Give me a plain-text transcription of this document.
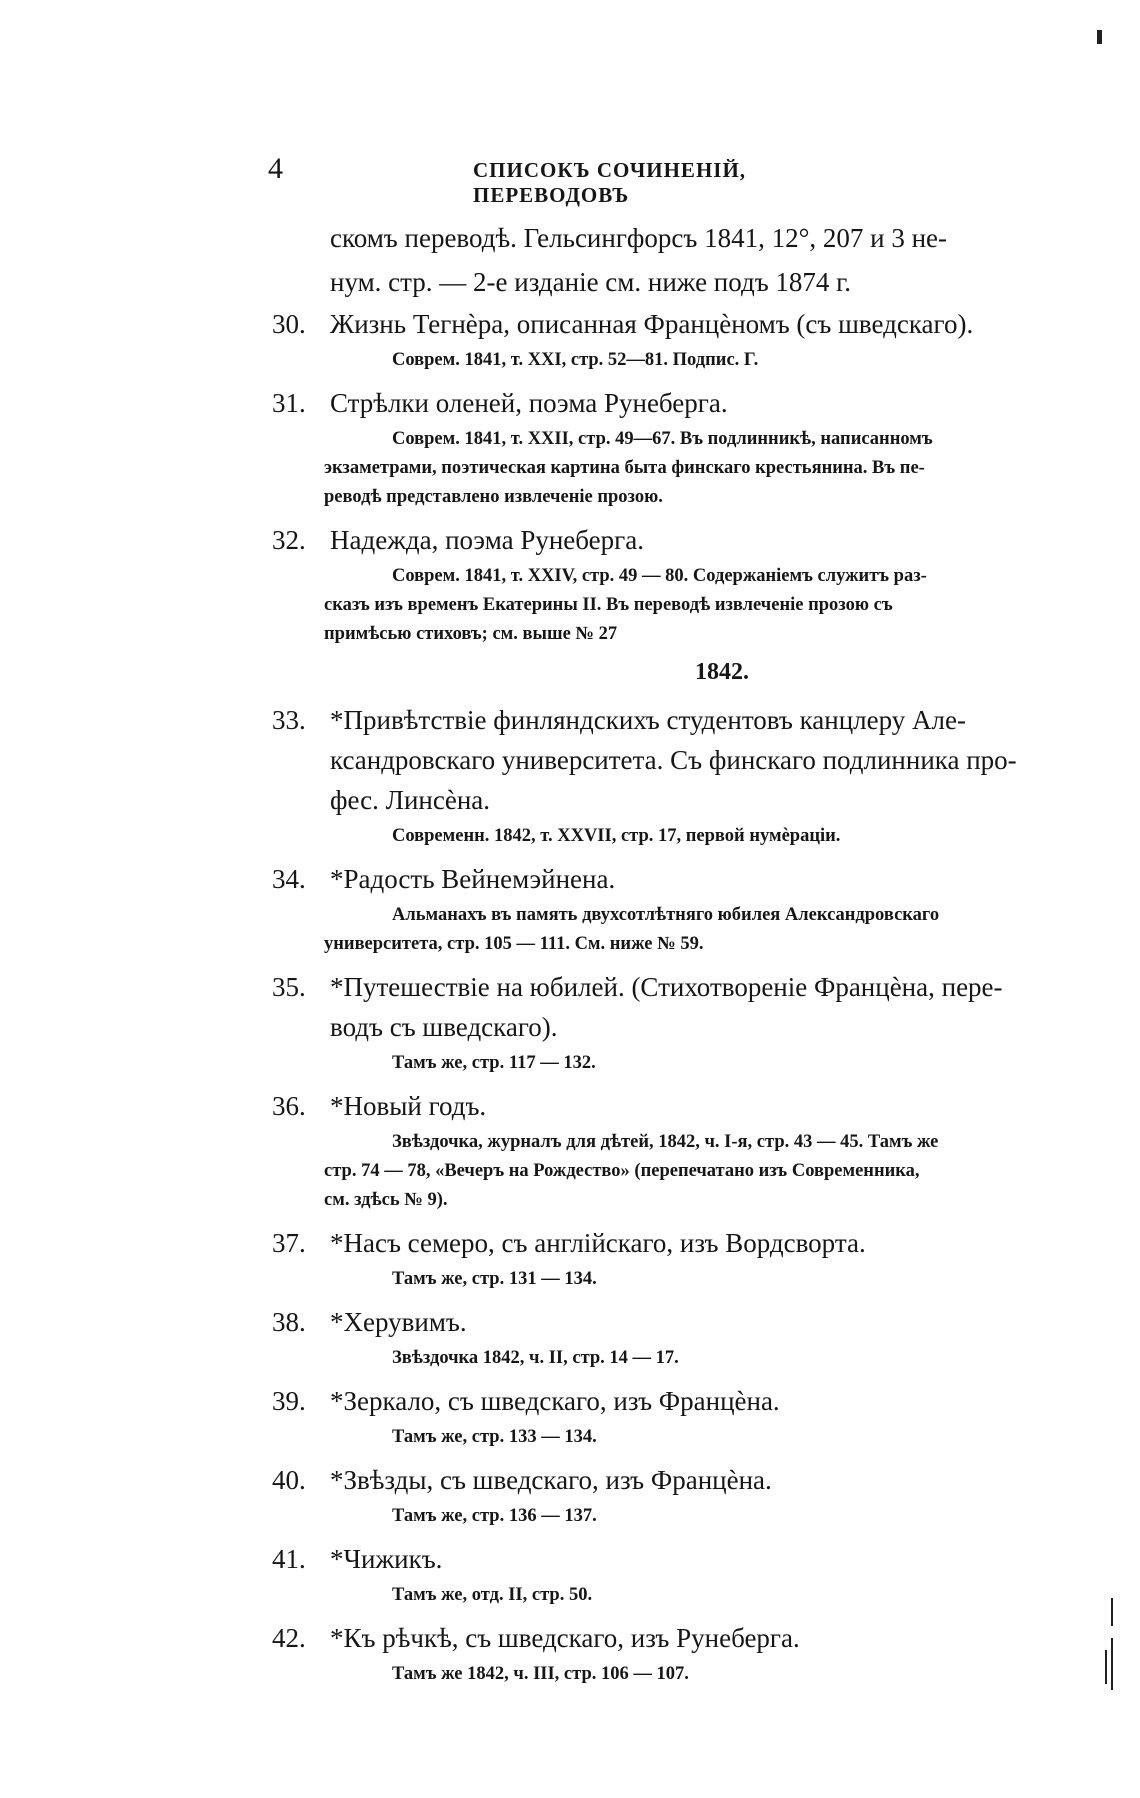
4	СПИСОКЪ СОЧИНЕНІЙ, ПЕРЕВОДОВЪ
скомъ переводѣ. Гельсингфорсъ 1841, 12°, 207 и 3 не-
нум. стр. — 2-е изданіе см. ниже подъ 1874 г.
30. Жизнь Тегнѐра, описанная Францѐномъ (съ шведскаго).
Соврем. 1841, т. XXI, стр. 52—81. Подпис. Г.
31. Стрѣлки оленей, поэма Рунеберга.
Соврем. 1841, т. XXII, стр. 49—67. Въ подлинникѣ, написанномъ
экзаметрами, поэтическая картина быта финскаго крестьянина. Въ пе-
реводѣ представлено извлеченіе прозою.
32. Надежда, поэма Рунеберга.
Соврем. 1841, т. XXIV, стр. 49 — 80. Содержаніемъ служитъ раз-
сказъ изъ временъ Екатерины II. Въ переводѣ извлеченіе прозою съ
примѣсью стиховъ; см. выше № 27
1842.
33. *Привѣтствіе финляндскихъ студентовъ канцлеру Але-
ксандровскаго университета. Съ финскаго подлинника про-
фес. Линсѐна.
Современн. 1842, т. XXVII, стр. 17, первой нумѐраціи.
34. *Радость Вейнемэйнена.
Альманахъ въ память двухсотлѣтняго юбилея Александровскаго
университета, стр. 105 — 111. См. ниже № 59.
35. *Путешествіе на юбилей. (Стихотвореніе Францѐна, пере-
водъ съ шведскаго).
Тамъ же, стр. 117 — 132.
36. *Новый годъ.
Звѣздочка, журналъ для дѣтей, 1842, ч. I-я, стр. 43 — 45. Тамъ же
стр. 74 — 78, «Вечеръ на Рождество» (перепечатано изъ Современника,
см. здѣсь № 9).
37. *Насъ семеро, съ англійскаго, изъ Вордсворта.
Тамъ же, стр. 131 — 134.
38. *Херувимъ.
Звѣздочка 1842, ч. II, стр. 14 — 17.
39. *Зеркало, съ шведскаго, изъ Францѐна.
Тамъ же, стр. 133 — 134.
40. *Звѣзды, съ шведскаго, изъ Францѐна.
Тамъ же, стр. 136 — 137.
41. *Чижикъ.
Тамъ же, отд. II, стр. 50.
42. *Къ рѣчкѣ, съ шведскаго, изъ Рунеберга.
Тамъ же 1842, ч. III, стр. 106 — 107.
